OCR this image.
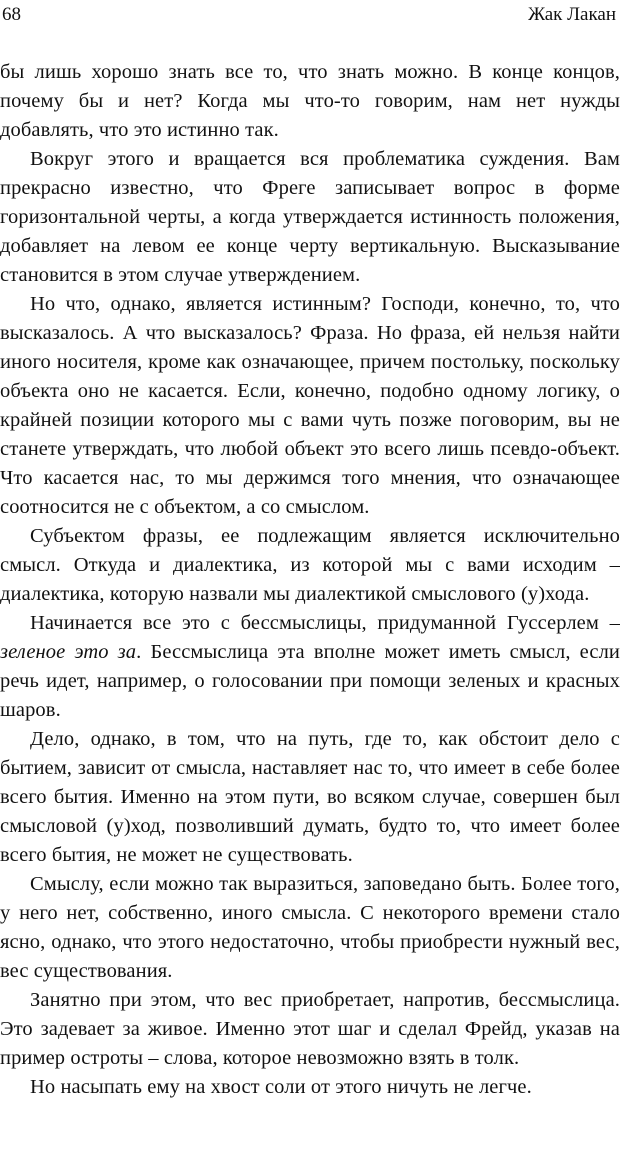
68	Жак Лакан

бы лишь хорошо знать все то, что знать можно. В конце концов, почему бы и нет? Когда мы что-то говорим, нам нет нужды добавлять, что это истинно так.

Вокруг этого и вращается вся проблематика суждения. Вам прекрасно известно, что Фреге записывает вопрос в форме горизонтальной черты, а когда утверждается истинность положения, добавляет на левом ее конце черту вертикальную. Высказывание становится в этом случае утверждением.

Но что, однако, является истинным? Господи, конечно, то, что высказалось. А что высказалось? Фраза. Но фраза, ей нельзя найти иного носителя, кроме как означающее, причем постольку, поскольку объекта оно не касается. Если, конечно, подобно одному логику, о крайней позиции которого мы с вами чуть позже поговорим, вы не станете утверждать, что любой объект это всего лишь псевдо-объект. Что касается нас, то мы держимся того мнения, что означающее соотносится не с объектом, а со смыслом.

Субъектом фразы, ее подлежащим является исключительно смысл. Откуда и диалектика, из которой мы с вами исходим – диалектика, которую назвали мы диалектикой смыслового (у)хода.

Начинается все это с бессмыслицы, придуманной Гуссерлем – зеленое это за. Бессмыслица эта вполне может иметь смысл, если речь идет, например, о голосовании при помощи зеленых и красных шаров.

Дело, однако, в том, что на путь, где то, как обстоит дело с бытием, зависит от смысла, наставляет нас то, что имеет в себе более всего бытия. Именно на этом пути, во всяком случае, совершен был смысловой (у)ход, позволивший думать, будто то, что имеет более всего бытия, не может не существовать.

Смыслу, если можно так выразиться, заповедано быть. Более того, у него нет, собственно, иного смысла. С некоторого времени стало ясно, однако, что этого недостаточно, чтобы приобрести нужный вес, вес существования.

Занятно при этом, что вес приобретает, напротив, бессмыслица. Это задевает за живое. Именно этот шаг и сделал Фрейд, указав на пример остроты – слова, которое невозможно взять в толк.

Но насыпать ему на хвост соли от этого ничуть не легче.
